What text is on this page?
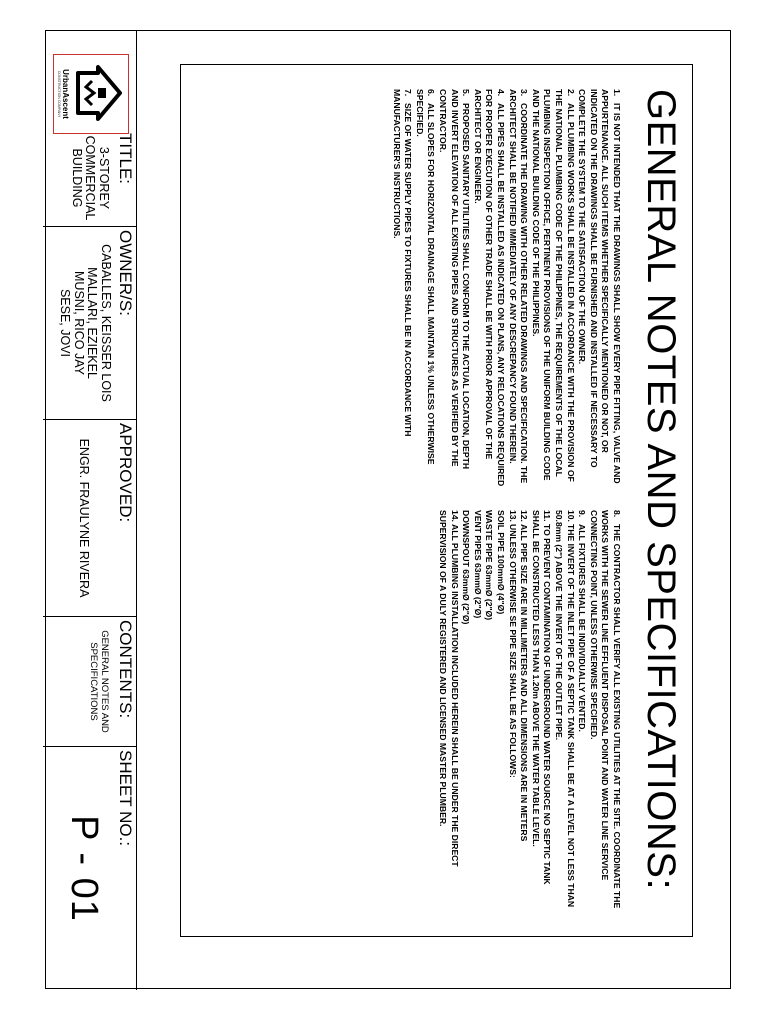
GENERAL NOTES AND SPECIFICATIONS:

1.IT IS NOT INTENDED THAT THE DRAWINGS SHALL SHOW EVERY PIPE FITTING, VALVE AND APPURTENANCE. ALL SUCH ITEMS WHETHER SPECIFICALLY MENTIONED OR NOT, OR INDICATED ON THE DRAWINGS SHALL BE FURNISHED AND INSTALLED IF NECESSARY TO COMPLETE THE SYSTEM TO THE SATISFACTION OF THE OWNER.

2.ALL PLUMBING WORKS SHALL BE INSTALLED IN ACCORDANCE WITH THE PROVISION OF THE NATIONAL PLUMBING CODE OF THE PHILIPPINES, THE REQUIREMENTS OF THE LOCAL PLUMBING INSPECTION OFFICE, PERTINENT PROVISIONS OF THE UNIFORM BUILDING CODE AND THE NATIONAL BUILDING CODE OF THE PHILIPPINES.

3.COORDINATE THE DRAWING WITH OTHER RELATED DRAWINGS AND SPECIFICATION. THE ARCHITECT SHALL BE NOTIFIED IMMEDIATELY OF ANY DESCREPANCY FOUND THEREIN.

4.ALL PIPES SHALL BE INSTALLED AS INDICATED ON PLANS, ANY RELOCATIONS REQUIRED FOR PROPER EXECUTION OF OTHER TRADE SHALL BE WITH PRIOR APPROVAL OF THE ARCHITECT OR ENGINEER.

5.PROPOSED SANITARY UTILITIES SHALL CONFORM TO THE ACTUAL LOCATION, DEPTH AND INVERT ELEVATION OF ALL EXISTING PIPES AND STRUCTURES AS VERIFIED BY THE CONTRACTOR.

6.ALL SLOPES FOR HORIZONTAL DRAINAGE SHALL MAINTAIN 1% UNLESS OTHERWISE SPECIFIED.

7.SIZE OF WATER SUPPLY PIPES TO FIXTURES SHALL BE IN ACCORDANCE WITH MANUFACTURER'S INSTRUCTIONS.

8.THE CONTRACTOR SHALL VERIFY ALL EXISTING UTILITIES AT THE SITE. COORDINATE THE WORKS WITH THE SEWER LINE EFFLUENT DISPOSAL POINT AND WATER LINE SERVICE CONNECTING POINT, UNLESS OTHERWISE SPECIFIED.

9.ALL FIXTURES SHALL BE INDIVIDUALLY VENTED.

10.THE INVERT OF THE INLET PIPE OF A SEPTIC TANK SHALL BE AT A LEVEL NOT LESS THAN 50.8mm (2") ABOVE THE INVERT OF THE OUTLET PIPE.

11.TO PREVENT CONTAMINATION OF UNDERGROUND WATER SOURCE NO SEPTIC TANK SHALL BE CONSTRUCTED LESS THAN 1.20m ABOVE THE WATER TABLE LEVEL.

12.ALL PIPE SIZE ARE IN MILLIMETERS AND ALL DIMENSIONS ARE IN METERS

13.UNLESS OTHERWISE SE PIPE SIZE SHALL BE AS FOLLOWS:

SOIL PIPE 100mmØ (4"Ø)

WASTE PIPE 63mmØ (2"Ø)

VENT PIPES 63mmØ (2"Ø)

DOWNSPOUT 63mmØ (2"Ø)

14.ALL PLUMBING INSTALLATION INCLUDED HEREIN SHALL BE UNDER THE DIRECT SUPERVISION OF A DULY REGISTERED AND LICENSED MASTER PLUMBER.

UrbanAscent
CONSTRUCTION COMPANY
TITLE:
3-STOREY
COMMERCIAL
BUILDING
OWNER/S:
CABALLES, KEISSER LOIS
MALLARI, EZIEKEL
MUSNI, RICO JAY
SESE, JOVI
APPROVED:
ENGR. FRAULYNE RIVERA
CONTENTS:
GENERAL NOTES AND
SPECIFICATIONS
SHEET NO.:
P - 01
